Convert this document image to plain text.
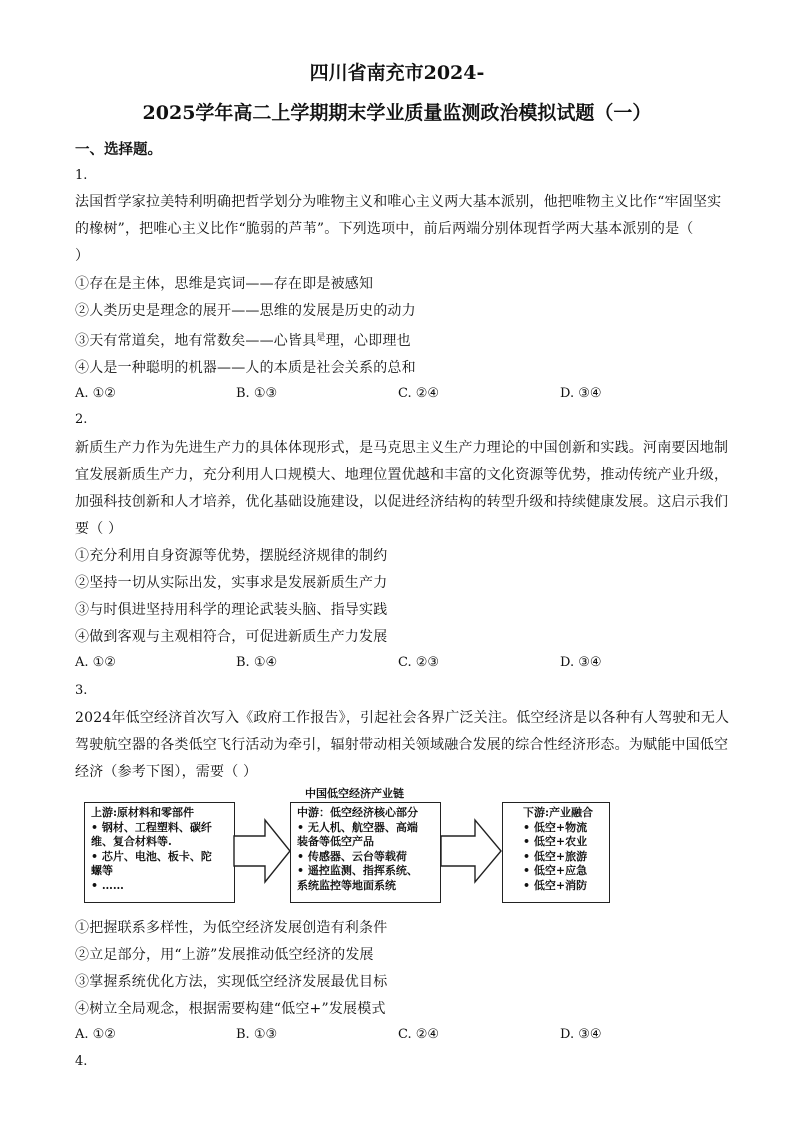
四川省南充市2024-
2025学年高二上学期期末学业质量监测政治模拟试题（一）
一、选择题。
1.
法国哲学家拉美特利明确把哲学划分为唯物主义和唯心主义两大基本派别，他把唯物主义比作“牢固坚实
的橡树”，把唯心主义比作“脆弱的芦苇”。下列选项中，前后两端分别体现哲学两大基本派别的是（
）
①存在是主体，思维是宾词——存在即是被感知
②人类历史是理念的展开——思维的发展是历史的动力
③天有常道矣，地有常数矣——心皆具$^是$理，心即理也
④人是一种聪明的机器——人的本质是社会关系的总和
A. ①②	B. ①③	C. ②④	D. ③④
2.
新质生产力作为先进生产力的具体体现形式，是马克思主义生产力理论的中国创新和实践。河南要因地制
宜发展新质生产力，充分利用人口规模大、地理位置优越和丰富的文化资源等优势，推动传统产业升级，
加强科技创新和人才培养，优化基础设施建设，以促进经济结构的转型升级和持续健康发展。这启示我们
要（ ）
①充分利用自身资源等优势，摆脱经济规律的制约
②坚持一切从实际出发，实事求是发展新质生产力
③与时俱进坚持用科学的理论武装头脑、指导实践
④做到客观与主观相符合，可促进新质生产力发展
A. ①②	B. ①④	C. ②③	D. ③④
3.
2024年低空经济首次写入《政府工作报告》，引起社会各界广泛关注。低空经济是以各种有人驾驶和无人
驾驶航空器的各类低空飞行活动为牵引，辐射带动相关领域融合发展的综合性经济形态。为赋能中国低空
经济（参考下图），需要（ ）
中国低空经济产业链
上游:原材料和零部件
• 钢材、工程塑料、碳纤
维、复合材料等.
• 芯片、电池、板卡、陀
螺等
• ……
中游：低空经济核心部分
• 无人机、航空器、高端
装备等低空产品
• 传感器、云台等载荷
• 遥控监测、指挥系统、
系统监控等地面系统
下游:产业融合
• 低空+物流
• 低空+农业
• 低空+旅游
• 低空+应急
• 低空+消防
①把握联系多样性，为低空经济发展创造有利条件
②立足部分，用“上游”发展推动低空经济的发展
③掌握系统优化方法，实现低空经济发展最优目标
④树立全局观念，根据需要构建“低空+”发展模式
A. ①②	B. ①③	C. ②④	D. ③④
4.
